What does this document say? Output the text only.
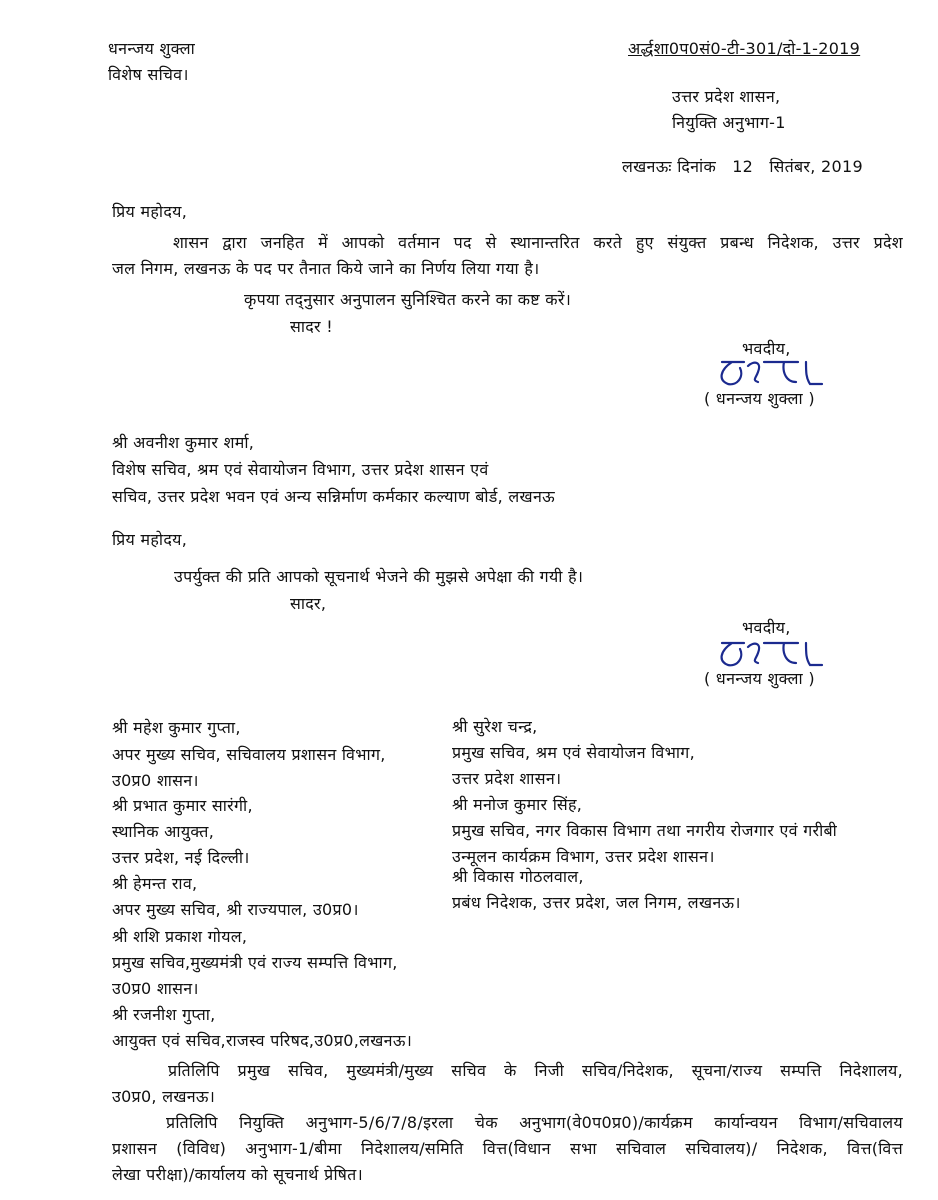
धनन्जय शुक्ला
विशेष सचिव।
अर्द्धशा0प0सं0-टी-301/दो-1-2019
उत्तर प्रदेश शासन,
नियुक्ति अनुभाग-1
लखनऊः दिनांक   12   सितंबर, 2019
प्रिय महोदय,
शासन द्वारा जनहित में आपको वर्तमान पद से स्थानान्तरित करते हुए संयुक्त प्रबन्ध निदेशक, उत्तर प्रदेश
जल निगम, लखनऊ के पद पर तैनात किये जाने का निर्णय लिया गया है।
कृपया तद्नुसार अनुपालन सुनिश्चित करने का कष्ट करें।
सादर !
भवदीय,
( धनन्जय शुक्ला )
श्री अवनीश कुमार शर्मा,
विशेष सचिव, श्रम एवं सेवायोजन विभाग, उत्तर प्रदेश शासन एवं
सचिव, उत्तर प्रदेश भवन एवं अन्य सन्निर्माण कर्मकार कल्याण बोर्ड, लखनऊ
प्रिय महोदय,
उपर्युक्त की प्रति आपको सूचनार्थ भेजने की मुझसे अपेक्षा की गयी है।
सादर,
भवदीय,
( धनन्जय शुक्ला )
श्री महेश कुमार गुप्ता,
अपर मुख्य सचिव, सचिवालय प्रशासन विभाग,
उ0प्र0 शासन।
श्री प्रभात कुमार सारंगी,
स्थानिक आयुक्त,
उत्तर प्रदेश, नई दिल्ली।
श्री हेमन्त राव,
अपर मुख्य सचिव, श्री राज्यपाल, उ0प्र0।
श्री शशि प्रकाश गोयल,
प्रमुख सचिव,मुख्यमंत्री एवं राज्य सम्पत्ति विभाग,
उ0प्र0 शासन।
श्री रजनीश गुप्ता,
आयुक्त एवं सचिव,राजस्व परिषद,उ0प्र0,लखनऊ।
श्री सुरेश चन्द्र,
प्रमुख सचिव, श्रम एवं सेवायोजन विभाग,
उत्तर प्रदेश शासन।
श्री मनोज कुमार सिंह,
प्रमुख सचिव, नगर विकास विभाग तथा नगरीय रोजगार एवं गरीबी
उन्मूलन कार्यक्रम विभाग, उत्तर प्रदेश शासन।
श्री विकास गोठलवाल,
प्रबंध निदेशक, उत्तर प्रदेश, जल निगम, लखनऊ।
प्रतिलिपि प्रमुख सचिव, मुख्यमंत्री/मुख्य सचिव के निजी सचिव/निदेशक, सूचना/राज्य सम्पत्ति निदेशालय,
उ0प्र0, लखनऊ।
प्रतिलिपि नियुक्ति अनुभाग-5/6/7/8/इरला चेक अनुभाग(वे0प0प्र0)/कार्यक्रम कार्यान्वयन विभाग/सचिवालय
प्रशासन (विविध) अनुभाग-1/बीमा निदेशालय/समिति वित्त(विधान सभा सचिवाल सचिवालय)/ निदेशक, वित्त(वित्त
लेखा परीक्षा)/कार्यालय को सूचनार्थ प्रेषित।
